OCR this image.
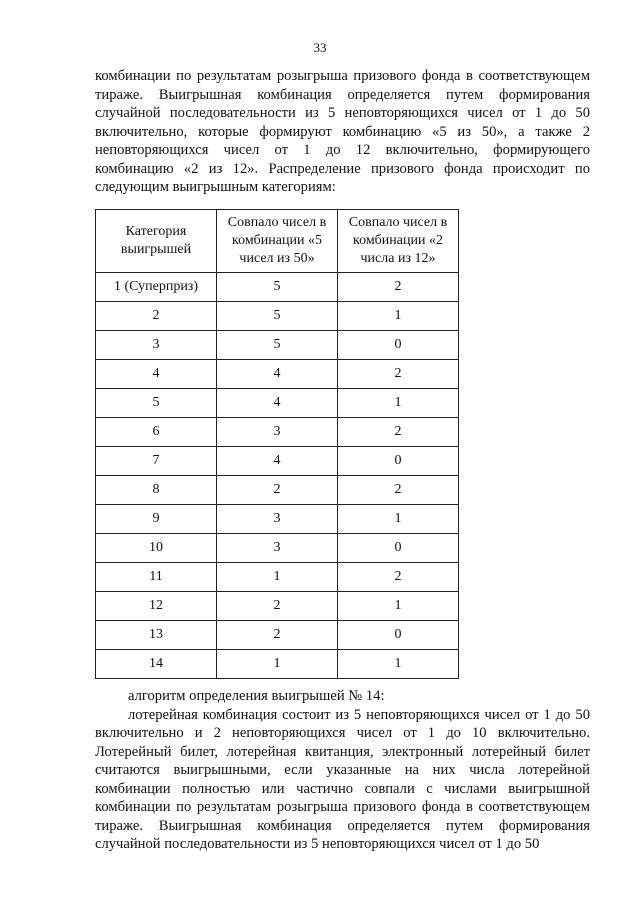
33

комбинации по результатам розыгрыша призового фонда в соответствующем тираже. Выигрышная комбинация определяется путем формирования случайной последовательности из 5 неповторяющихся чисел от 1 до 50 включительно, которые формируют комбинацию «5 из 50», а также 2 неповторяющихся чисел от 1 до 12 включительно, формирующего комбинацию «2 из 12». Распределение призового фонда происходит по следующим выигрышным категориям:

Категория выигрышей	Совпало чисел в комбинации «5 чисел из 50»	Совпало чисел в комбинации «2 числа из 12»
1 (Суперприз)	5	2
2	5	1
3	5	0
4	4	2
5	4	1
6	3	2
7	4	0
8	2	2
9	3	1
10	3	0
11	1	2
12	2	1
13	2	0
14	1	1

алгоритм определения выигрышей № 14:

лотерейная комбинация состоит из 5 неповторяющихся чисел от 1 до 50 включительно и 2 неповторяющихся чисел от 1 до 10 включительно. Лотерейный билет, лотерейная квитанция, электронный лотерейный билет считаются выигрышными, если указанные на них числа лотерейной комбинации полностью или частично совпали с числами выигрышной комбинации по результатам розыгрыша призового фонда в соответствующем тираже. Выигрышная комбинация определяется путем формирования случайной последовательности из 5 неповторяющихся чисел от 1 до 50
